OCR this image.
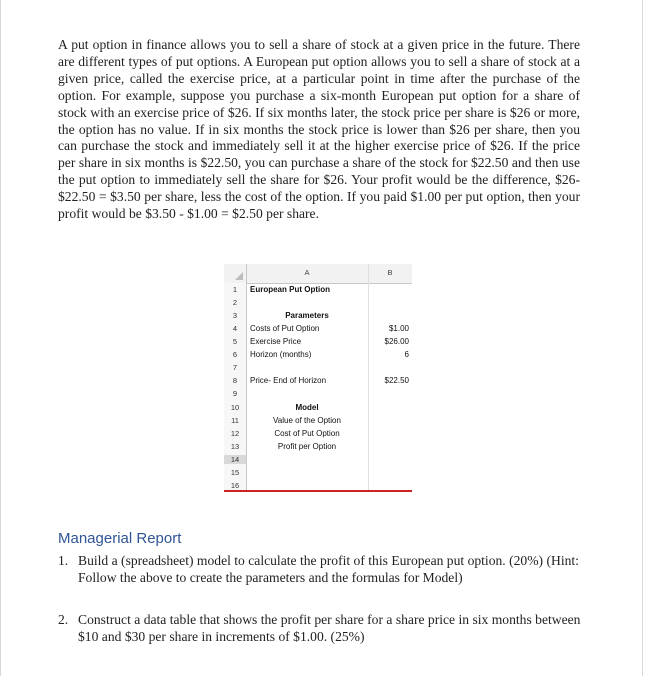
A put option in finance allows you to sell a share of stock at a given price in the future. There are different types of put options. A European put option allows you to sell a share of stock at a given price, called the exercise price, at a particular point in time after the purchase of the option. For example, suppose you purchase a six-month European put option for a share of stock with an exercise price of $26. If six months later, the stock price per share is $26 or more, the option has no value. If in six months the stock price is lower than $26 per share, then you can purchase the stock and immediately sell it at the higher exercise price of $26. If the price per share in six months is $22.50, you can purchase a share of the stock for $22.50 and then use the put option to immediately sell the share for $26. Your profit would be the difference, $26- $22.50 = $3.50 per share, less the cost of the option. If you paid $1.00 per put option, then your profit would be $3.50 - $1.00 = $2.50 per share.

A	B
1	European Put Option
2
3	Parameters
4	Costs of Put Option	$1.00
5	Exercise Price	$26.00
6	Horizon (months)	6
7
8	Price- End of Horizon	$22.50
9
10	Model
11	Value of the Option
12	Cost of Put Option
13	Profit per Option
14
15
16

Managerial Report

1. Build a (spreadsheet) model to calculate the profit of this European put option. (20%) (Hint: Follow the above to create the parameters and the formulas for Model)

2. Construct a data table that shows the profit per share for a share price in six months between $10 and $30 per share in increments of $1.00. (25%)
